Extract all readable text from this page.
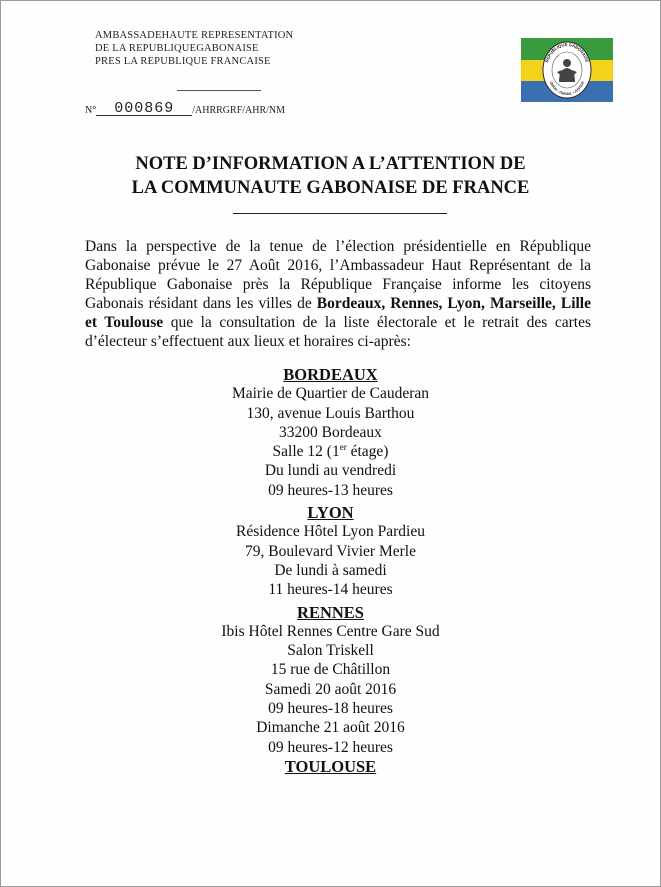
AMBASSADEHAUTE REPRESENTATION
DE LA REPUBLIQUEGABONAISE
PRES LA REPUBLIQUE FRANCAISE
N° 000869 /AHRRGRF/AHR/NM
REPUBLIQUE GABONAISE
UNION • TRAVAIL • JUSTICE
NOTE D’INFORMATION A L’ATTENTION DE
LA COMMUNAUTE GABONAISE DE FRANCE
Dans la perspective de la tenue de l’élection présidentielle en République Gabonaise prévue le 27 Août 2016, l’Ambassadeur Haut Représentant de la République Gabonaise près la République Française informe les citoyens Gabonais résidant dans les villes de Bordeaux, Rennes, Lyon, Marseille, Lille et Toulouse que la consultation de la liste électorale et le retrait des cartes d’électeur s’effectuent aux lieux et horaires ci-après:
BORDEAUX
Mairie de Quartier de Cauderan
130, avenue Louis Barthou
33200 Bordeaux
Salle 12 (1er étage)
Du lundi au vendredi
09 heures-13 heures
LYON
Résidence Hôtel Lyon Pardieu
79, Boulevard Vivier Merle
De lundi à samedi
11 heures-14 heures
RENNES
Ibis Hôtel Rennes Centre Gare Sud
Salon Triskell
15 rue de Châtillon
Samedi 20 août 2016
09 heures-18 heures
Dimanche 21 août 2016
09 heures-12 heures
TOULOUSE
